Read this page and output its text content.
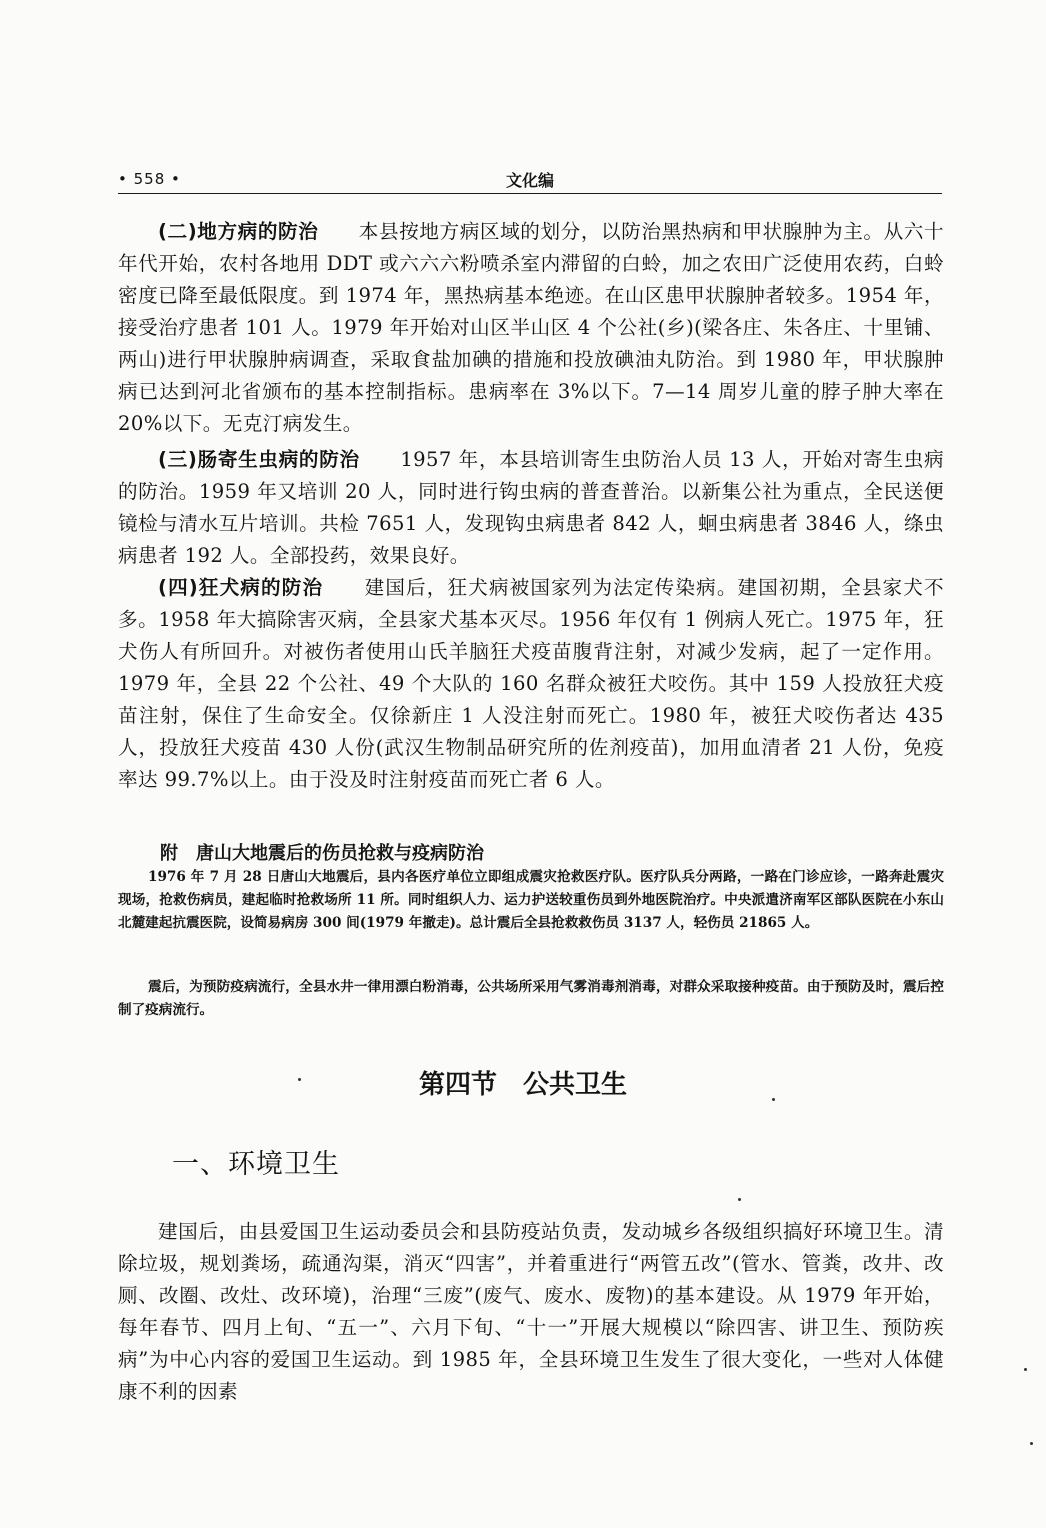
• 558 •	文化编

(二)地方病的防治　　 本县按地方病区域的划分，以防治黑热病和甲状腺肿为主。从六十年代开始，农村各地用 DDT 或六六六粉喷杀室内滞留的白蛉，加之农田广泛使用农药，白蛉密度已降至最低限度。到 1974 年，黑热病基本绝迹。在山区患甲状腺肿者较多。1954 年，接受治疗患者 101 人。1979 年开始对山区半山区 4 个公社(乡)(梁各庄、朱各庄、十里铺、两山)进行甲状腺肿病调查，采取食盐加碘的措施和投放碘油丸防治。到 1980 年，甲状腺肿病已达到河北省颁布的基本控制指标。患病率在 3%以下。7—14 周岁儿童的脖子肿大率在 20%以下。无克汀病发生。

(三)肠寄生虫病的防治　　 1957 年，本县培训寄生虫防治人员 13 人，开始对寄生虫病的防治。1959 年又培训 20 人，同时进行钩虫病的普查普治。以新集公社为重点，全民送便镜检与清水互片培训。共检 7651 人，发现钩虫病患者 842 人，蛔虫病患者 3846 人，绦虫病患者 192 人。全部投药，效果良好。

(四)狂犬病的防治　　 建国后，狂犬病被国家列为法定传染病。建国初期，全县家犬不多。1958 年大搞除害灭病，全县家犬基本灭尽。1956 年仅有 1 例病人死亡。1975 年，狂犬伤人有所回升。对被伤者使用山氏羊脑狂犬疫苗腹背注射，对减少发病，起了一定作用。1979 年，全县 22 个公社、49 个大队的 160 名群众被狂犬咬伤。其中 159 人投放狂犬疫苗注射，保住了生命安全。仅徐新庄 1 人没注射而死亡。1980 年，被狂犬咬伤者达 435 人，投放狂犬疫苗 430 人份(武汉生物制品研究所的佐剂疫苗)，加用血清者 21 人份，免疫率达 99.7%以上。由于没及时注射疫苗而死亡者 6 人。

附　唐山大地震后的伤员抢救与疫病防治

1976 年 7 月 28 日唐山大地震后，县内各医疗单位立即组成震灾抢救医疗队。医疗队兵分两路，一路在门诊应诊，一路奔赴震灾现场，抢救伤病员，建起临时抢救场所 11 所。同时组织人力、运力护送较重伤员到外地医院治疗。中央派遣济南军区部队医院在小东山北麓建起抗震医院，设简易病房 300 间(1979 年撤走)。总计震后全县抢救救伤员 3137 人，轻伤员 21865 人。

震后，为预防疫病流行，全县水井一律用漂白粉消毒，公共场所采用气雾消毒剂消毒，对群众采取接种疫苗。由于预防及时，震后控制了疫病流行。

第四节　公共卫生
一、环境卫生

建国后，由县爱国卫生运动委员会和县防疫站负责，发动城乡各级组织搞好环境卫生。清除垃圾，规划粪场，疏通沟渠，消灭“四害”，并着重进行“两管五改”(管水、管粪，改井、改厕、改圈、改灶、改环境)，治理“三废”(废气、废水、废物)的基本建设。从 1979 年开始，每年春节、四月上旬、“五一”、六月下旬、“十一”开展大规模以“除四害、讲卫生、预防疾病”为中心内容的爱国卫生运动。到 1985 年，全县环境卫生发生了很大变化，一些对人体健康不利的因素
